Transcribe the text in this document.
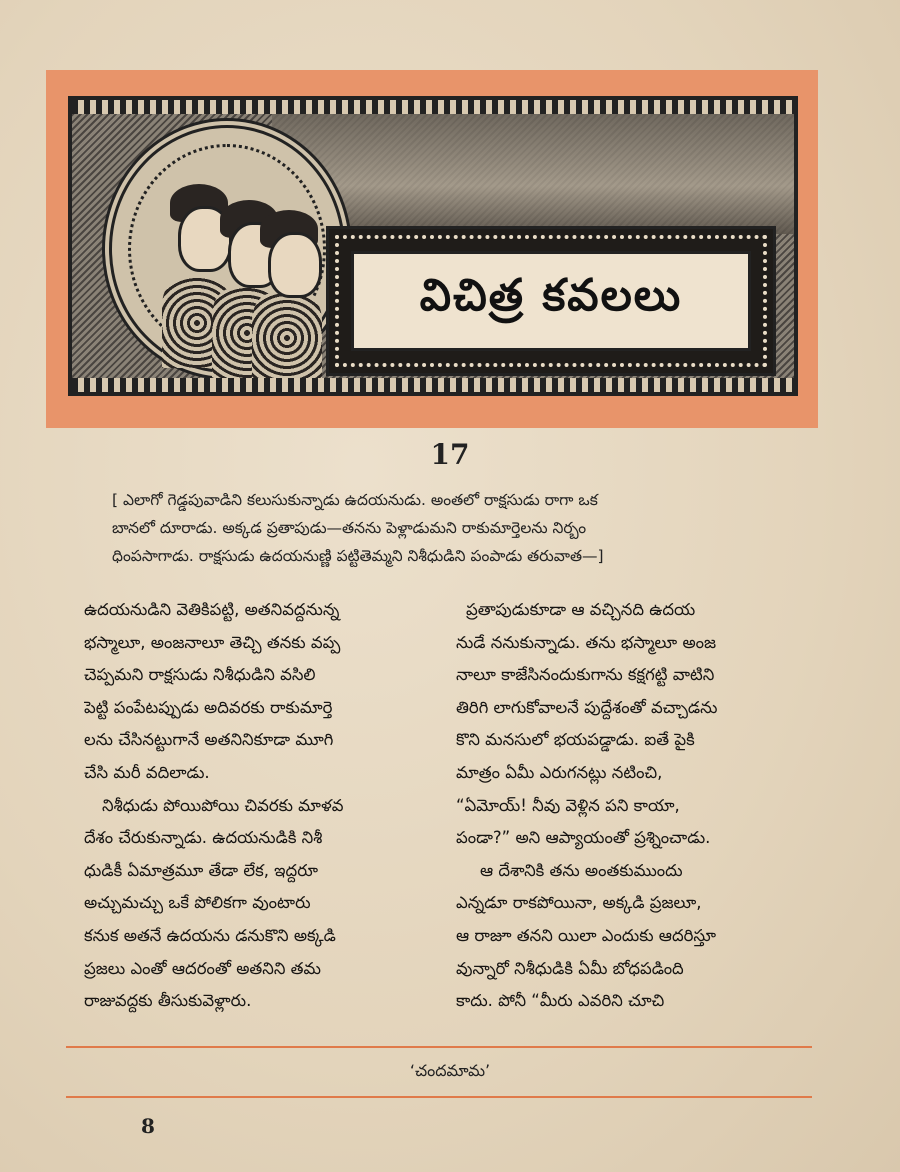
విచిత్ర కవలలు
17

[ ఎలాగో గెడ్డపువాడిని కలుసుకున్నాడు ఉదయనుడు. అంతలో రాక్షసుడు రాగా ఒక

బానలో దూరాడు. అక్కడ ప్రతాపుడు—తనను పెళ్లాడుమని రాకుమార్తెలను నిర్బం

ధింపసాగాడు. రాక్షసుడు ఉదయనుణ్ణి పట్టితెమ్మని నిశీధుడిని పంపాడు తరువాత—]

ఉదయనుడిని వెతికిపట్టి, అతనివద్దనున్న

భస్మాలూ, అంజనాలూ తెచ్చి తనకు వప్ప

చెప్పమని రాక్షసుడు నిశీధుడిని వసిలి

పెట్టి పంపేటప్పుడు అదివరకు రాకుమార్తె

లను చేసినట్టుగానే అతనినికూడా మూగి

చేసి మరీ వదిలాడు.

నిశీధుడు పోయిపోయి చివరకు మాళవ

దేశం చేరుకున్నాడు. ఉదయనుడికి నిశీ

ధుడికీ ఏమాత్రమూ తేడా లేక, ఇద్దరూ

అచ్చుమచ్చు ఒకే పోలికగా వుంటారు

కనుక అతనే ఉదయను డనుకొని అక్కడి

ప్రజలు ఎంతో ఆదరంతో అతనిని తమ

రాజువద్దకు తీసుకువెళ్లారు.

ప్రతాపుడుకూడా ఆ వచ్చినది ఉదయ

నుడే ననుకున్నాడు. తను భస్మాలూ అంజ

నాలూ కాజేసినందుకుగాను కక్షగట్టి వాటిని

తిరిగి లాగుకోవాలనే పుద్దేశంతో వచ్చాడను

కొని మనసులో భయపడ్డాడు. ఐతే పైకి

మాత్రం ఏమీ ఎరుగనట్లు నటించి,

“ఏమోయ్! నీవు వెళ్లిన పని కాయా,

పండా?” అని ఆప్యాయంతో ప్రశ్నించాడు.

ఆ దేశానికి తను అంతకుముందు

ఎన్నడూ రాకపోయినా, అక్కడి ప్రజలూ,

ఆ రాజూ తనని యిలా ఎందుకు ఆదరిస్తూ

వున్నారో నిశీధుడికి ఏమీ బోధపడింది

కాదు. పోనీ “మీరు ఎవరిని చూచి

‘చందమామ’
8
